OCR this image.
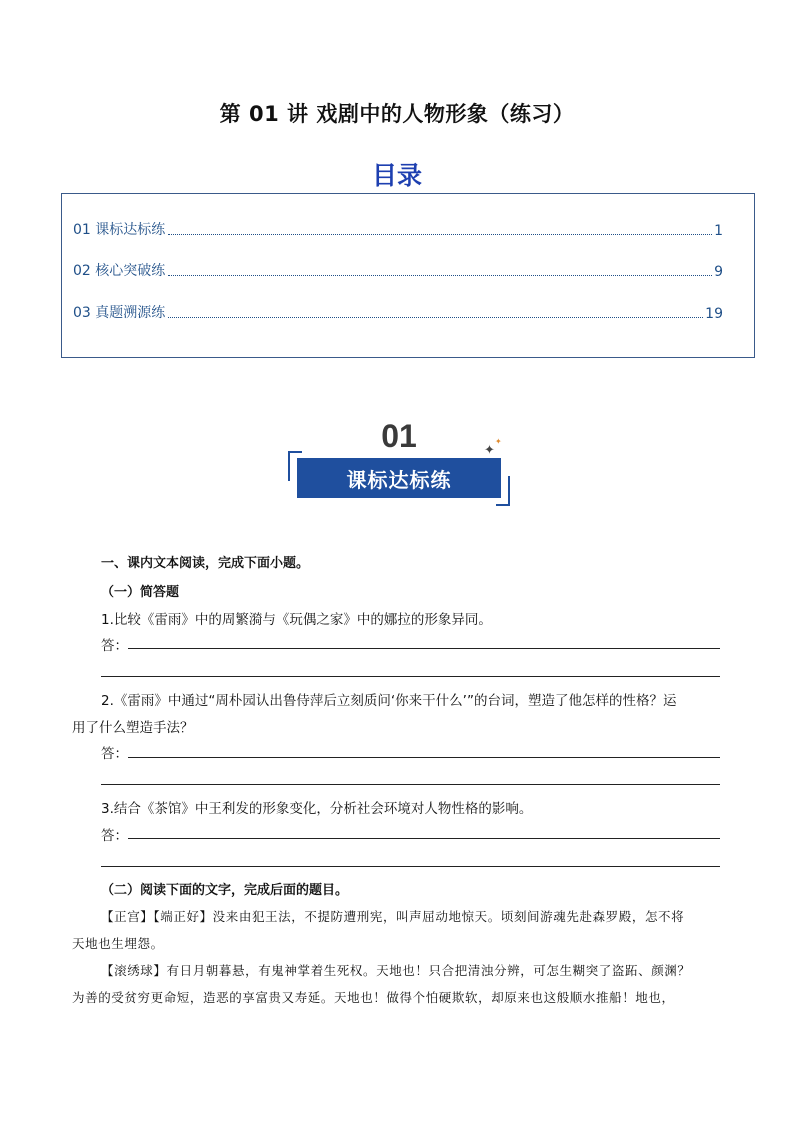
第 01 讲 戏剧中的人物形象（练习）
目录
01 课标达标练	1
02 核心突破练	9
03 真题溯源练	19
01
课标达标练
✦
✦
一、课内文本阅读，完成下面小题。
（一）简答题
1.比较《雷雨》中的周繁漪与《玩偶之家》中的娜拉的形象异同。
答：
2.《雷雨》中通过“周朴园认出鲁侍萍后立刻质问‘你来干什么’”的台词，塑造了他怎样的性格？运
用了什么塑造手法？
答：
3.结合《茶馆》中王利发的形象变化，分析社会环境对人物性格的影响。
答：
（二）阅读下面的文字，完成后面的题目。
【正宫】【端正好】没来由犯王法，不提防遭刑宪，叫声屈动地惊天。顷刻间游魂先赴森罗殿，怎不将
天地也生埋怨。
【滚绣球】有日月朝暮悬，有鬼神掌着生死权。天地也！只合把清浊分辨，可怎生糊突了盗跖、颜渊？
为善的受贫穷更命短，造恶的享富贵又寿延。天地也！做得个怕硬欺软，却原来也这般顺水推船！地也，
